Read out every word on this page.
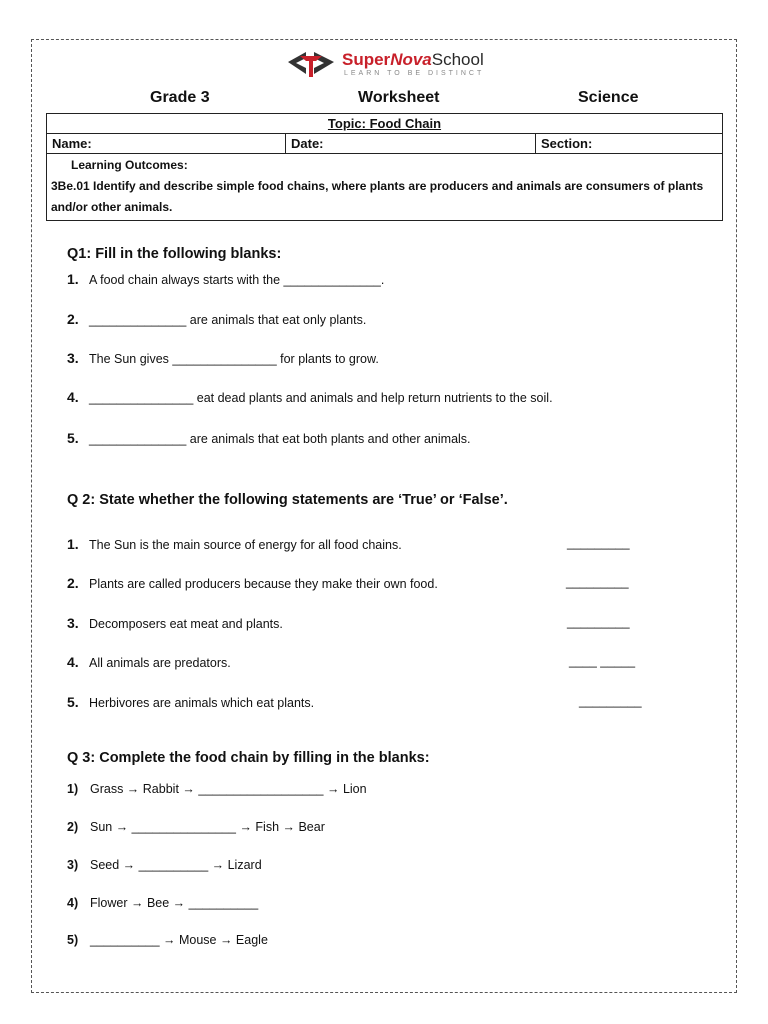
SuperNovaSchool
LEARN TO BE DISTINCT
Grade 3	Worksheet	Science
Topic: Food Chain
Name:	Date:	Section:

Learning Outcomes:
3Be.01 Identify and describe simple food chains, where plants are producers and animals are consumers of plants and/or other animals.
Q1: Fill in the following blanks:
1. A food chain always starts with the ______________.
2. ______________ are animals that eat only plants.
3. The Sun gives _______________ for plants to grow.
4. _______________ eat dead plants and animals and help return nutrients to the soil.
5. ______________ are animals that eat both plants and other animals.
Q 2: State whether the following statements are ‘True’ or ‘False’.
1. The Sun is the main source of energy for all food chains.	_________
2. Plants are called producers because they make their own food.	_________
3. Decomposers eat meat and plants.	_________
4. All animals are predators.	____ _____
5. Herbivores are animals which eat plants.	_________
Q 3: Complete the food chain by filling in the blanks:
1) Grass → Rabbit → __________________ → Lion
2) Sun → _______________ → Fish → Bear
3) Seed → __________ → Lizard
4) Flower → Bee → __________
5) __________ → Mouse → Eagle
